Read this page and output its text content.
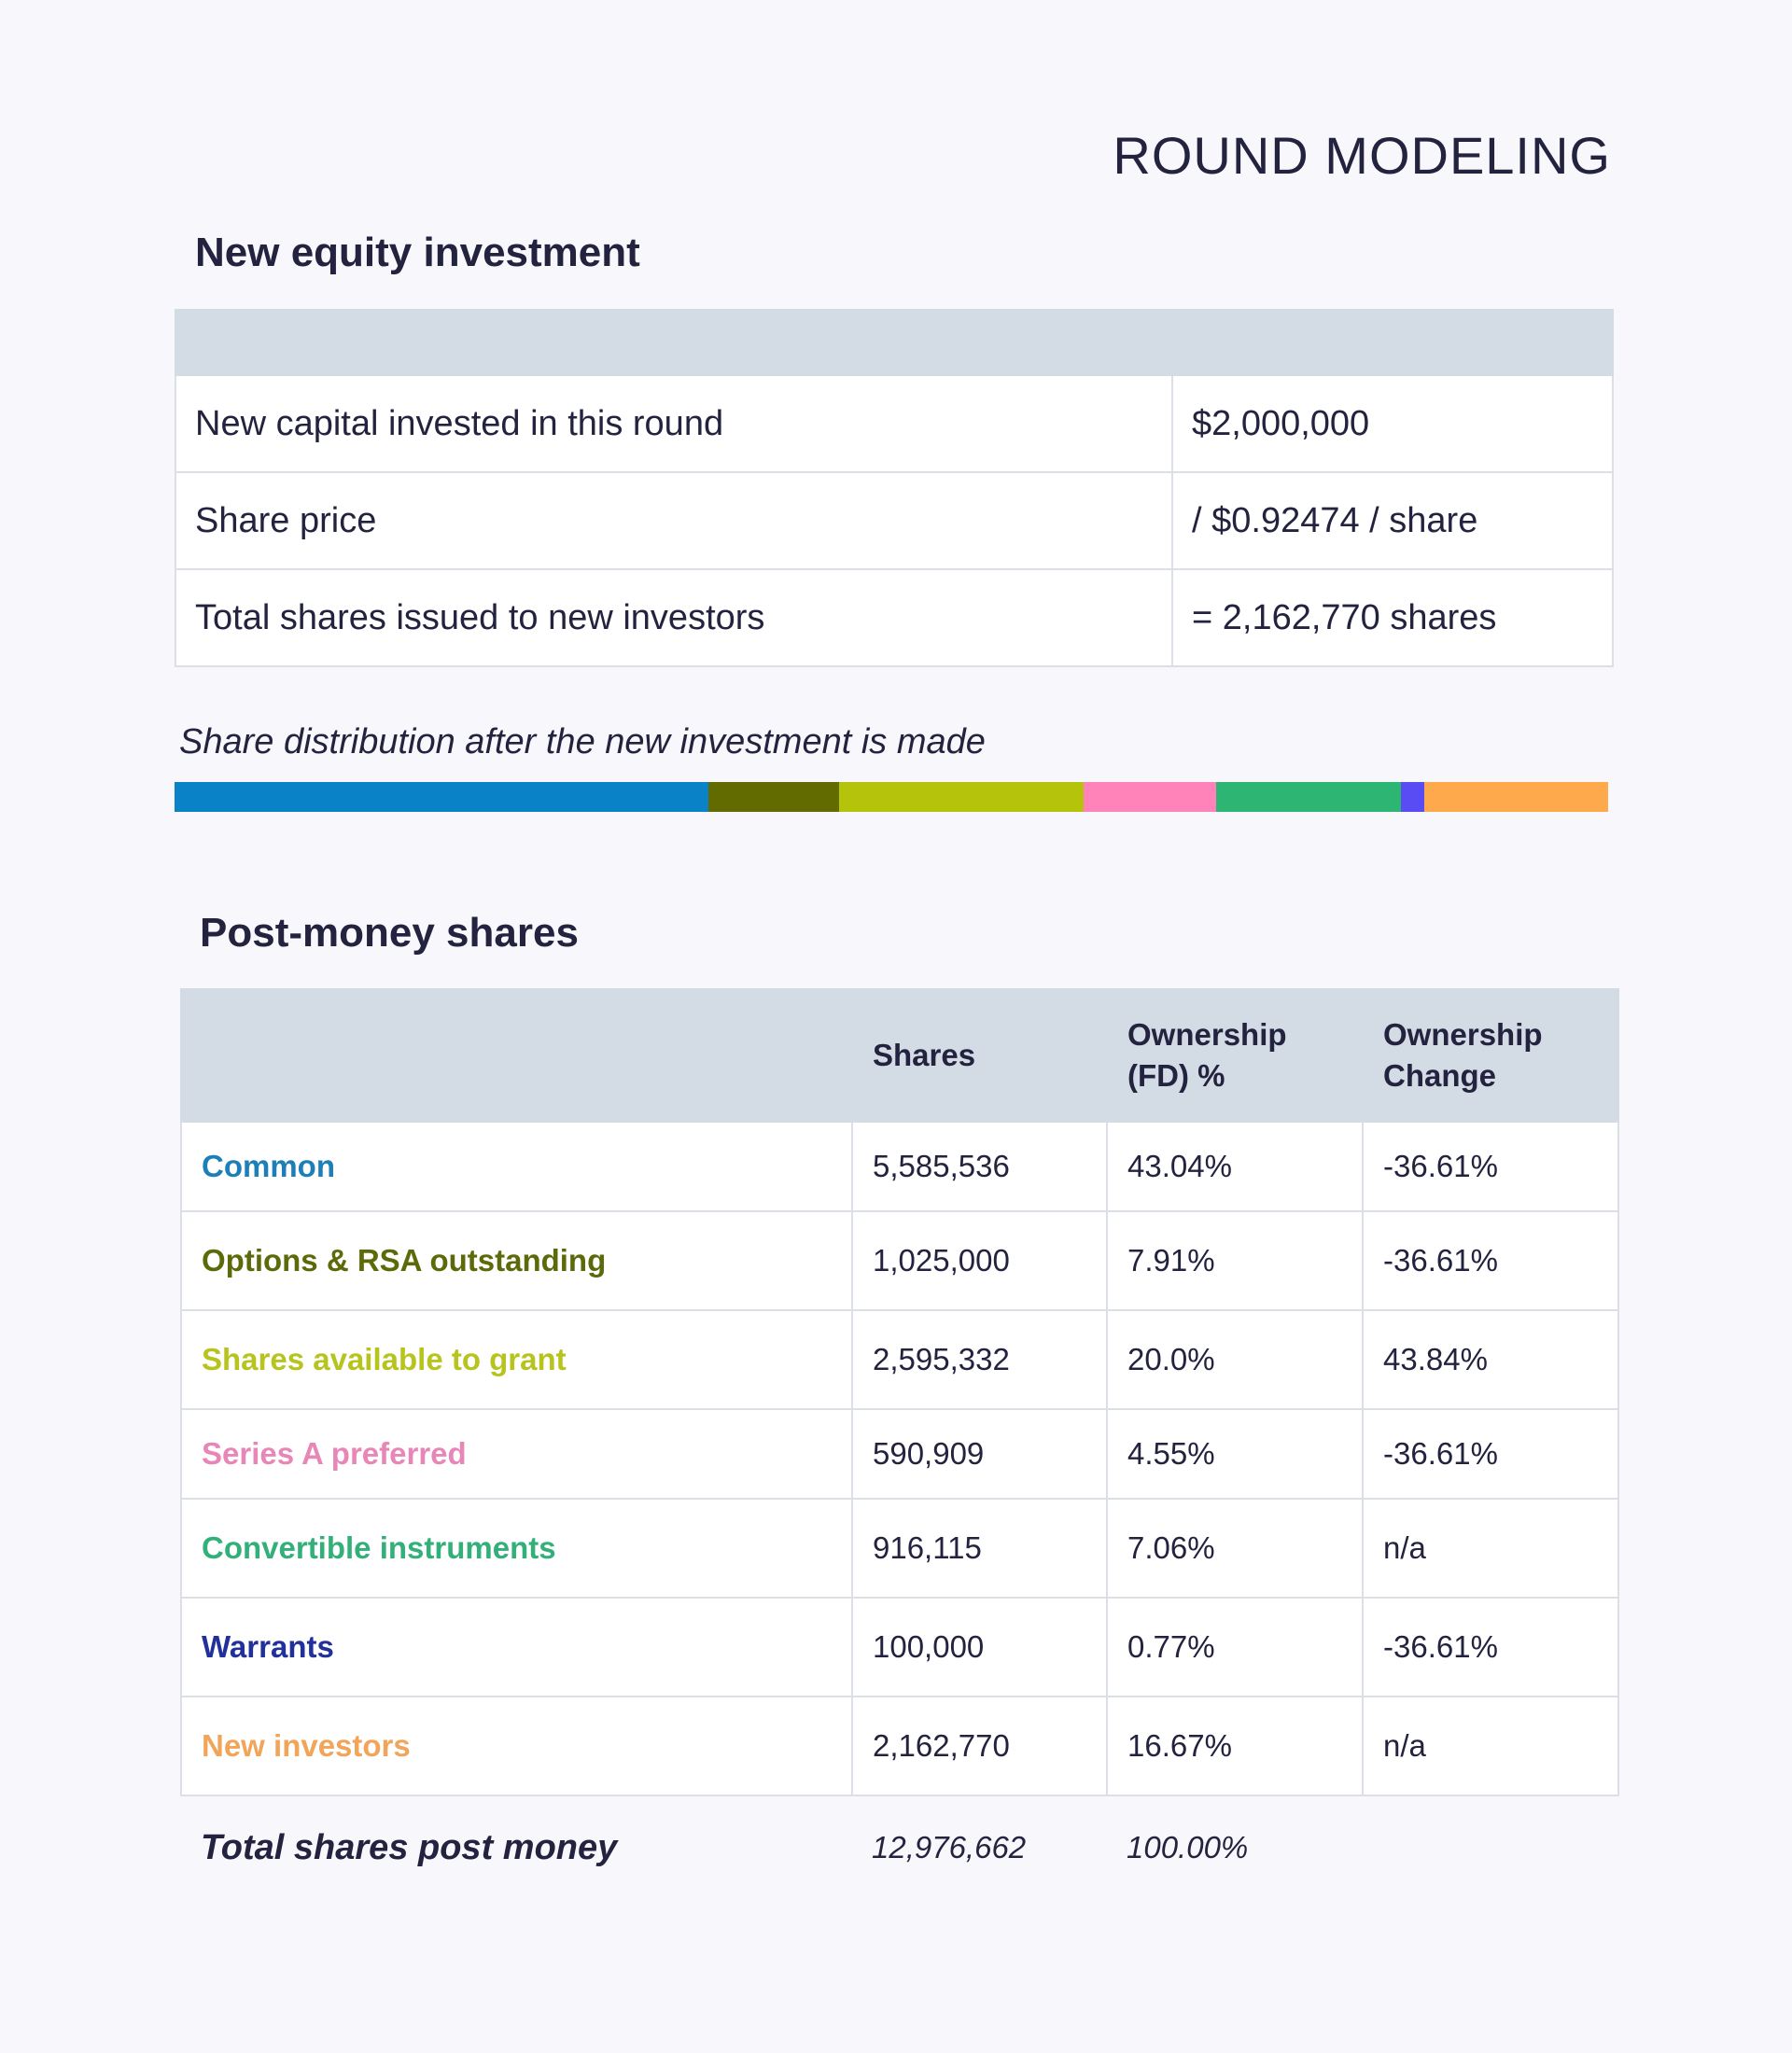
ROUND MODELING
New equity investment

New capital invested in this round	$2,000,000
Share price	/ $0.92474 / share
Total shares issued to new investors	= 2,162,770 shares
Share distribution after the new investment is made
Post-money shares
	Shares	Ownership (FD) %	Ownership Change

Common	5,585,536	43.04%	-36.61%
Options & RSA outstanding	1,025,000	7.91%	-36.61%
Shares available to grant	2,595,332	20.0%	43.84%
Series A preferred	590,909	4.55%	-36.61%
Convertible instruments	916,115	7.06%	n/a
Warrants	100,000	0.77%	-36.61%
New investors	2,162,770	16.67%	n/a
Total shares post money	12,976,662	100.00%	
